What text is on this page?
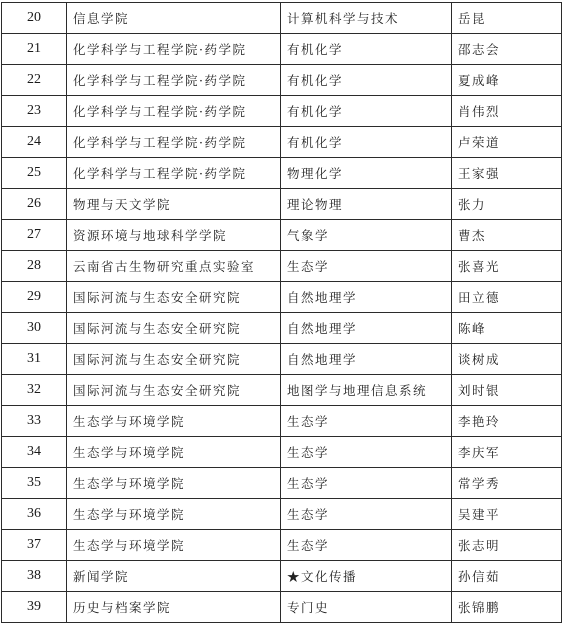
20	信息学院	计算机科学与技术	岳昆
21	化学科学与工程学院·药学院	有机化学	邵志会
22	化学科学与工程学院·药学院	有机化学	夏成峰
23	化学科学与工程学院·药学院	有机化学	肖伟烈
24	化学科学与工程学院·药学院	有机化学	卢荣道
25	化学科学与工程学院·药学院	物理化学	王家强
26	物理与天文学院	理论物理	张力
27	资源环境与地球科学学院	气象学	曹杰
28	云南省古生物研究重点实验室	生态学	张喜光
29	国际河流与生态安全研究院	自然地理学	田立德
30	国际河流与生态安全研究院	自然地理学	陈峰
31	国际河流与生态安全研究院	自然地理学	谈树成
32	国际河流与生态安全研究院	地图学与地理信息系统	刘时银
33	生态学与环境学院	生态学	李艳玲
34	生态学与环境学院	生态学	李庆军
35	生态学与环境学院	生态学	常学秀
36	生态学与环境学院	生态学	吴建平
37	生态学与环境学院	生态学	张志明
38	新闻学院	★文化传播	孙信茹
39	历史与档案学院	专门史	张锦鹏
